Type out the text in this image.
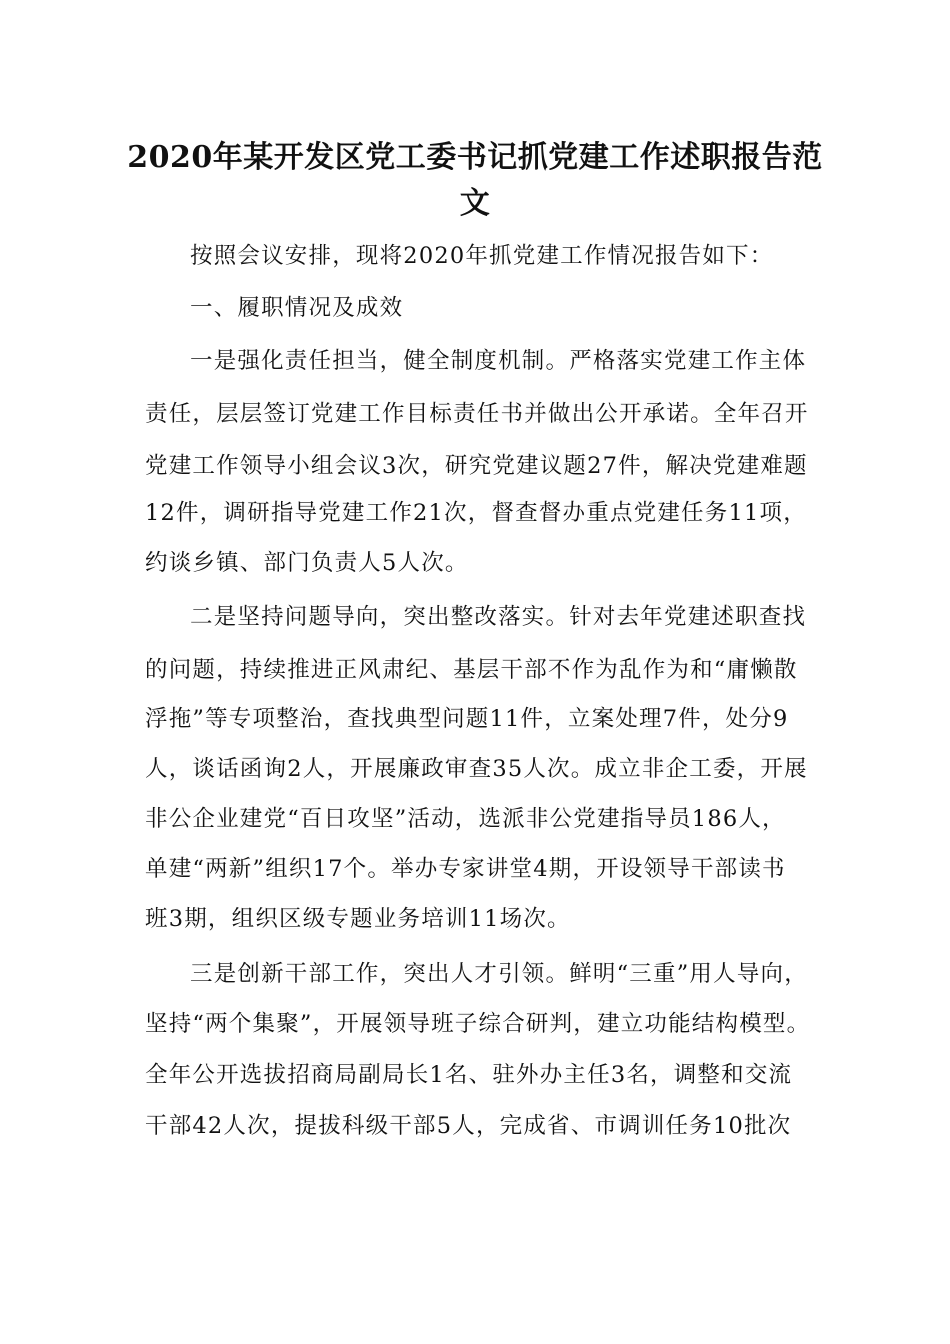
2020年某开发区党工委书记抓党建工作述职报告范
文
按照会议安排，现将2020年抓党建工作情况报告如下：
一、履职情况及成效
一是强化责任担当，健全制度机制。严格落实党建工作主体
责任，层层签订党建工作目标责任书并做出公开承诺。全年召开
党建工作领导小组会议3次，研究党建议题27件，解决党建难题
12件，调研指导党建工作21次，督查督办重点党建任务11项，
约谈乡镇、部门负责人5人次。
二是坚持问题导向，突出整改落实。针对去年党建述职查找
的问题，持续推进正风肃纪、基层干部不作为乱作为和“庸懒散
浮拖”等专项整治，查找典型问题11件，立案处理7件，处分9
人，谈话函询2人，开展廉政审查35人次。成立非企工委，开展
非公企业建党“百日攻坚”活动，选派非公党建指导员186人，
单建“两新”组织17个。举办专家讲堂4期，开设领导干部读书
班3期，组织区级专题业务培训11场次。
三是创新干部工作，突出人才引领。鲜明“三重”用人导向，
坚持“两个集聚”，开展领导班子综合研判，建立功能结构模型。
全年公开选拔招商局副局长1名、驻外办主任3名，调整和交流
干部42人次，提拔科级干部5人，完成省、市调训任务10批次
